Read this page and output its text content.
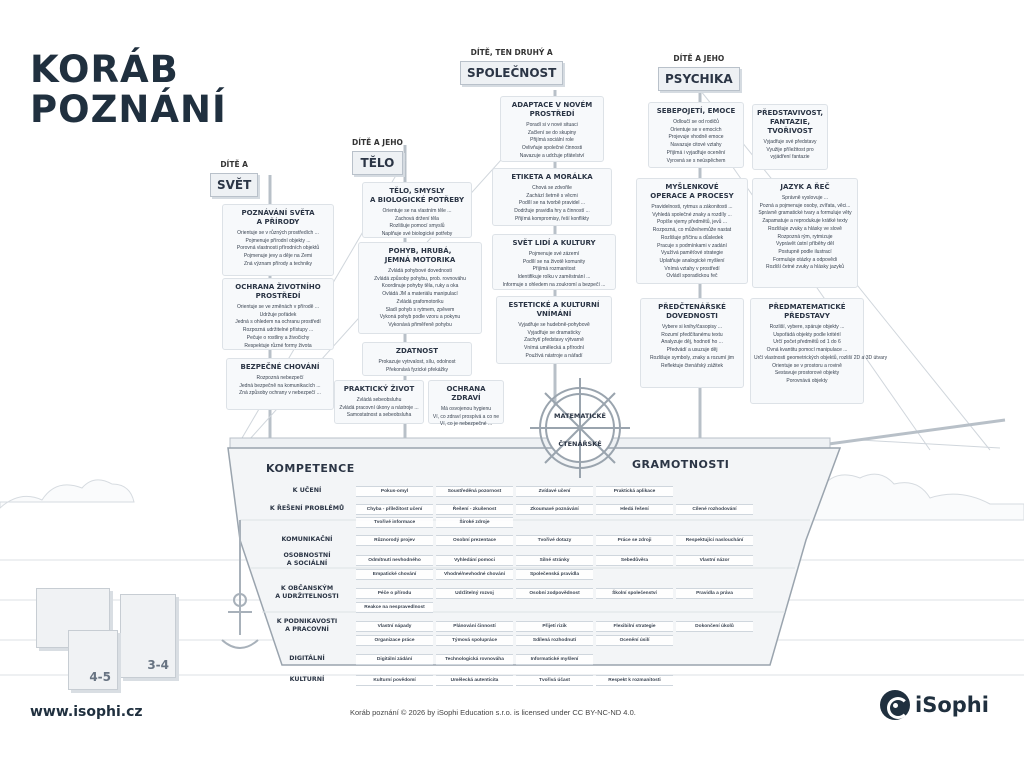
KORÁB
POZNÁNÍ
DÍTĚ A
SVĚT
DÍTĚ A JEHO
TĚLO
DÍTĚ, TEN DRUHÝ A
SPOLEČNOST
DÍTĚ A JEHO
PSYCHIKA
POZNÁVÁNÍ SVĚTA
A PŘÍRODY
Orientuje se v různých prostředích ...
Pojmenuje přírodní objekty ...
Porovná vlastnosti přírodních objektů
Pojmenuje jevy a děje na Zemi
Zná význam přírody a techniky
OCHRANA ŽIVOTNÍHO
PROSTŘEDÍ
Orientuje se ve změnách v přírodě ...
Udržuje pořádek
Jedná s ohledem na ochranu prostředí
Rozpozná udržitelné přístupy ...
Pečuje o rostliny a živočichy
Respektuje různé formy života
BEZPEČNÉ CHOVÁNÍ
Rozpozná nebezpečí
Jedná bezpečně na komunikacích ...
Zná způsoby ochrany v nebezpečí ...
TĚLO, SMYSLY
A BIOLOGICKÉ POTŘEBY
Orientuje se na vlastním těle ...
Zachová držení těla
Rozlišuje pomocí smyslů
Naplňuje své biologické potřeby
POHYB, HRUBÁ,
JEMNÁ MOTORIKA
Zvládá pohybové dovednosti
Zvládá způsoby pohybu, prob. rovnováhu
Koordinuje pohyby těla, ruky a oka
Ovládá JM a materiálu manipulací
Zvládá grafomotoriku
Sladí pohyb s rytmem, zpěvem
Vykoná pohyb podle vzoru a pokynu
Vykonává přiměřeně pohybu
ZDATNOST
Prokazuje vytrvalost, sílu, odolnost
Překonává fyzické překážky
PRAKTICKÝ ŽIVOT
Zvládá sebeobsluhu
Zvládá pracovní úkony a nástroje ...
Samostatnost a sebeobsluha
OCHRANA ZDRAVÍ
Má osvojenou hygienu
Ví, co zdraví prospívá a co ne
Ví, co je nebezpečné ...
ADAPTACE V NOVÉM
PROSTŘEDÍ
Poradí si v nové situaci
Začlení se do skupiny
Přijímá sociální role
Ovlivňuje společné činnosti
Navazuje a udržuje přátelství
ETIKETA A MORÁLKA
Chová se zdvořile
Zachází šetrně s věcmi
Podílí se na tvorbě pravidel ...
Dodržuje pravidla hry a činností ...
Přijímá kompromisy, řeší konflikty
SVĚT LIDÍ A KULTURY
Pojmenuje své zázemí
Podílí se na životě komunity
Přijímá rozmanitost
Identifikuje rolku v zaměstnání ...
Informuje s ohledem na zoukromí a bezpečí ...
ESTETICKÉ A KULTURNÍ
VNÍMÁNÍ
Vyjadřuje se hudebně-pohybově
Vyjadřuje se dramaticky
Zachytí představy výtvarně
Vnímá umělecká a přírodní
Používá nástroje a nářadí
SEBEPOJETÍ, EMOCE
Odloučí se od rodičů
Orientuje se v emocích
Projevuje vhodně emoce
Navazuje citové vztahy
Přijímá i vyjadřuje ocenění
Vyrovná se s neúspěchem
PŘEDSTAVIVOST,
FANTAZIE,
TVOŘIVOST
Vyjadřuje své představy
Využije příležitost pro
vyjádření fantazie
MYŠLENKOVÉ
OPERACE A PROCESY
Pravidelnosti, rytmus a zákonitosti ...
Vyhledá společné znaky a rozdíly ...
Popíše vjemy předmětů, jevů ...
Rozpozná, co může/nemůže nastat
Rozlišuje příčinu a důsledek
Pracuje s podmínkami v zadání
Využívá paměťové strategie
Uplatňuje analogické myšlení
Vnímá vztahy v prostředí
Ovládí sporadickou řeč
JAZYK A ŘEČ
Správně vyslovuje ...
Pozná a pojmenuje osoby, zvířata, věci...
Správně gramatické tvary a formuluje věty
Zapamatuje a reprodukuje krátké texty
Rozlišuje zvuky a hlásky ve slově
Rozpozná rým, rytmizuje
Vyprávět ústní příběhy děl
Postupně podle ilustrací
Formuluje otázky a odpovědi
Rozliší četné zvuky a hlásky jazyků
PŘEDČTENÁŘSKÉ
DOVEDNOSTI
Vybere si knihy/časopisy ...
Rozumí předčítanému textu
Analyzuje děj, hodnotí ho ...
Předvádí a usuzuje děj
Rozlišuje symboly, znaky a rozumí jim
Reflektuje čtenářský zážitek
PŘEDMATEMATICKÉ
PŘEDSTAVY
Rozliší, vybere, spáruje objekty ...
Uspořádá objekty podle kritérií
Určí počet předmětů od 1 do 6
Ovná kvantitu pomocí manipulace ...
Určí vlastnosti geometrických objektů, rozliší 2D a 3D útvary
Orientuje se v prostoru a rovině
Sestavuje prostorové objekty
Porovnává objekty
MATEMATICKÉ
ČTENÁŘSKÉ
KOMPETENCE	GRAMOTNOSTI
K UČENÍ	Pokus-omyl	Soustředěná pozornost	Zvídavé učení	Praktická aplikace
K ŘEŠENÍ PROBLÉMŮ	Chyba - příležitost učení	Řešení - zkušenost	Zkoumavé poznávání	Hledá řešení	Cílené rozhodování
Tvořivé informace	Široké zdroje
KOMUNIKAČNÍ	Různorodý projev	Osobní prezentace	Tvořivé dotazy	Práce se zdroji	Respektující naslouchání
OSOBNOSTNÍ
A SOCIÁLNÍ	Odmítnutí nevhodného	Vyhledání pomoci	Silné stránky	Sebedůvěra	Vlastní názor
Empatické chování	Vhodné/nevhodné chování	Společenská pravidla
K OBČANSKÝM
A UDRŽITELNOSTI	Péče o přírodu	Udržitelný rozvoj	Osobní zodpovědnost	Školní společenství	Pravidla a práva
Reakce na nespravedlnost
K PODNIKAVOSTI
A PRACOVNÍ	Vlastní nápady	Plánování činností	Přijetí rizik	Flexibilní strategie	Dokončení úkolů
Organizace práce	Týmová spolupráce	Sdílená rozhodnutí	Ocenění úsilí
DIGITÁLNÍ	Digitální zádání	Technologická rovnováha	Informatické myšlení
KULTURNÍ	Kulturní povědomí	Umělecká autenticita	Tvořivá účast	Respekt k rozmanitosti
3-4
4-5
www.isophi.cz	Koráb poznání © 2026 by iSophi Education s.r.o. is licensed under CC BY-NC-ND 4.0.	iSophi
